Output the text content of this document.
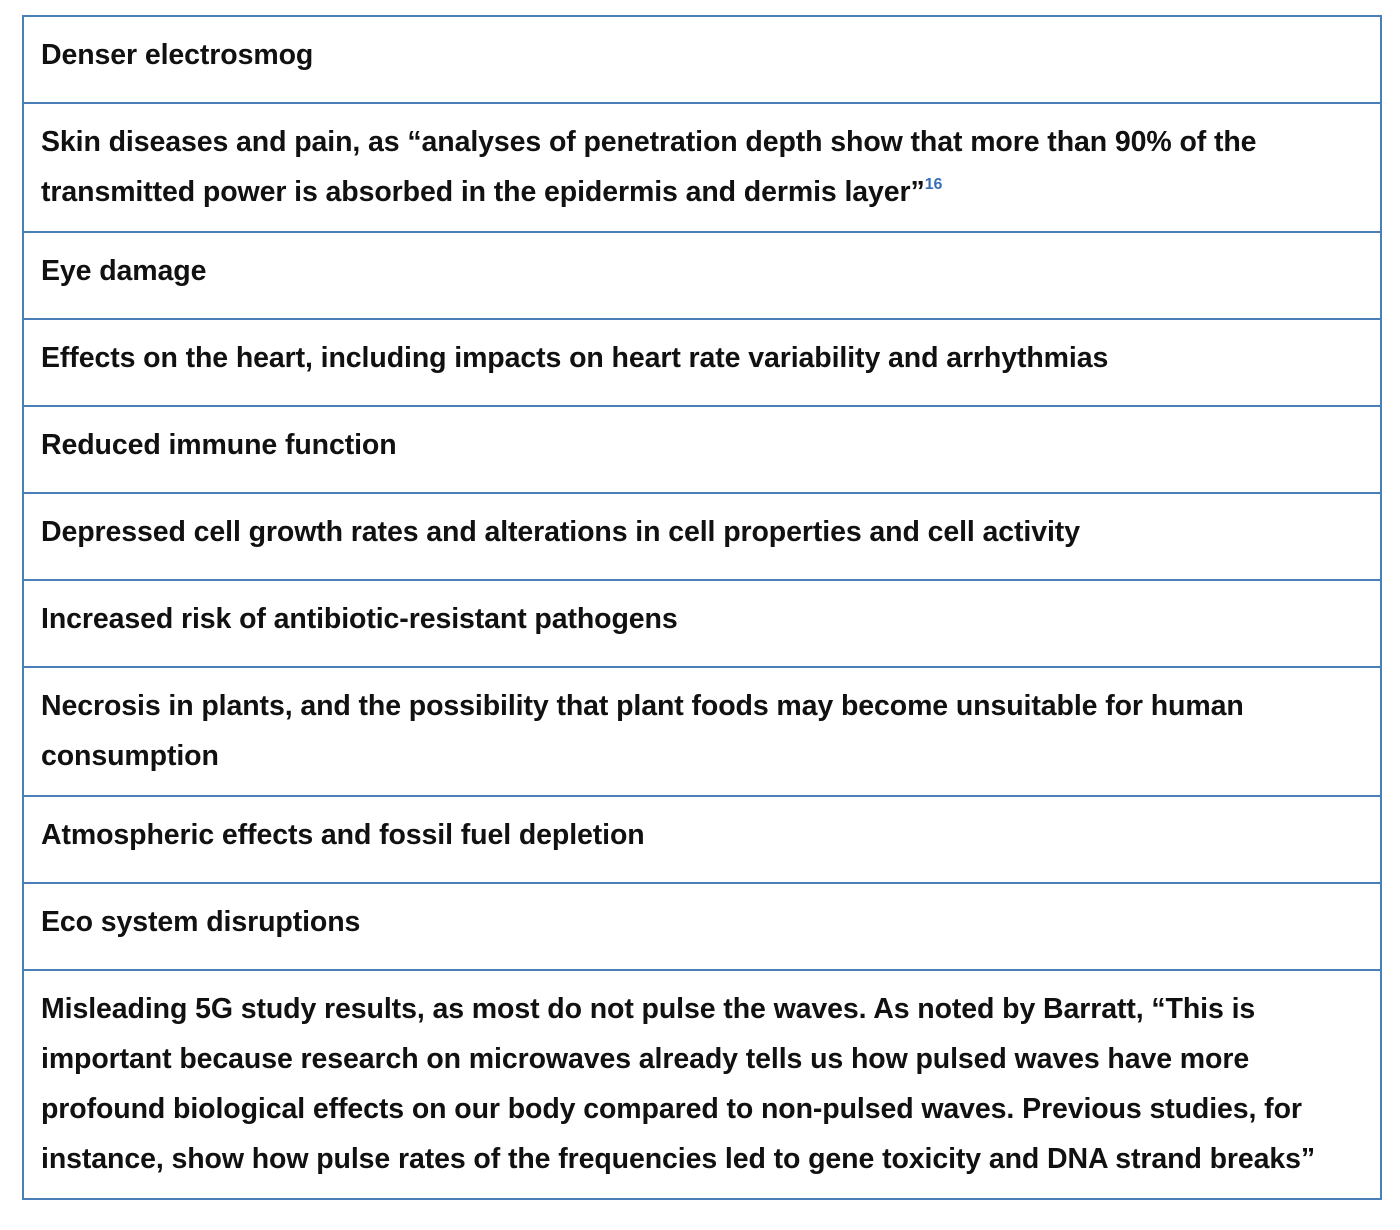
Denser electrosmog
Skin diseases and pain, as “analyses of penetration depth show that more than 90% of the transmitted power is absorbed in the epidermis and dermis layer”$^{16}$
Eye damage
Effects on the heart, including impacts on heart rate variability and arrhythmias
Reduced immune function
Depressed cell growth rates and alterations in cell properties and cell activity
Increased risk of antibiotic-resistant pathogens
Necrosis in plants, and the possibility that plant foods may become unsuitable for human consumption
Atmospheric effects and fossil fuel depletion
Eco system disruptions
Misleading 5G study results, as most do not pulse the waves. As noted by Barratt, “This is important because research on microwaves already tells us how pulsed waves have more profound biological effects on our body compared to non-pulsed waves. Previous studies, for instance, show how pulse rates of the frequencies led to gene toxicity and DNA strand breaks”
